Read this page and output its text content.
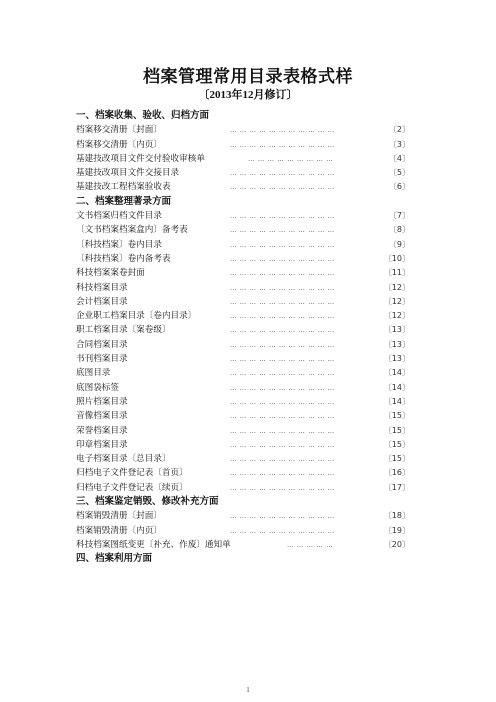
档案管理常用目录表格式样
〔2013年12月修订〕
一、档案收集、验收、归档方面
档案移交清册〔封面〕	… … … … … … … … … … …	〔2〕
档案移交清册〔内页〕	… … … … … … … … … … …	〔3〕
基建技改项目文件交付验收审核单	… … … … … … … … …	〔4〕
基建技改项目文件交接目录	… … … … … … … … … … …	〔5〕
基建技改工程档案验收表	… … … … … … … … … … …	〔6〕
二、档案整理著录方面
文书档案归档文件目录	… … … … … … … … … … …	〔7〕
〔文书档案档案盒内〕备考表	… … … … … … … … … … …	〔8〕
〔科技档案〕卷内目录	… … … … … … … … … … …	〔9〕
〔科技档案〕卷内备考表	… … … … … … … … … … …	〔10〕
科技档案案卷封面	… … … … … … … … … … …	〔11〕
科技档案目录	… … … … … … … … … … …	〔12〕
会计档案目录	… … … … … … … … … … …	〔12〕
企业职工档案目录〔卷内目录〕	… … … … … … … … … … …	〔12〕
职工档案目录〔案卷级〕	… … … … … … … … … … …	〔13〕
合同档案目录	… … … … … … … … … … …	〔13〕
书刊档案目录	… … … … … … … … … … …	〔13〕
底图目录	… … … … … … … … … … …	〔14〕
底图袋标签	… … … … … … … … … … …	〔14〕
照片档案目录	… … … … … … … … … … …	〔14〕
音像档案目录	… … … … … … … … … … …	〔15〕
荣誉档案目录	… … … … … … … … … … …	〔15〕
印章档案目录	… … … … … … … … … … …	〔15〕
电子档案目录〔总目录〕	… … … … … … … … … … …	〔15〕
归档电子文件登记表〔首页〕	… … … … … … … … … … …	〔16〕
归档电子文件登记表〔续页〕	… … … … … … … … … … …	〔17〕
三、档案鉴定销毁、修改补充方面
档案销毁清册〔封面〕	… … … … … … … … … … …	〔18〕
档案销毁清册〔内页〕	… … … … … … … … … … …	〔19〕
科技档案图纸变更〔补充、作废〕通知单	… … … … …	〔20〕
四、档案利用方面
1
